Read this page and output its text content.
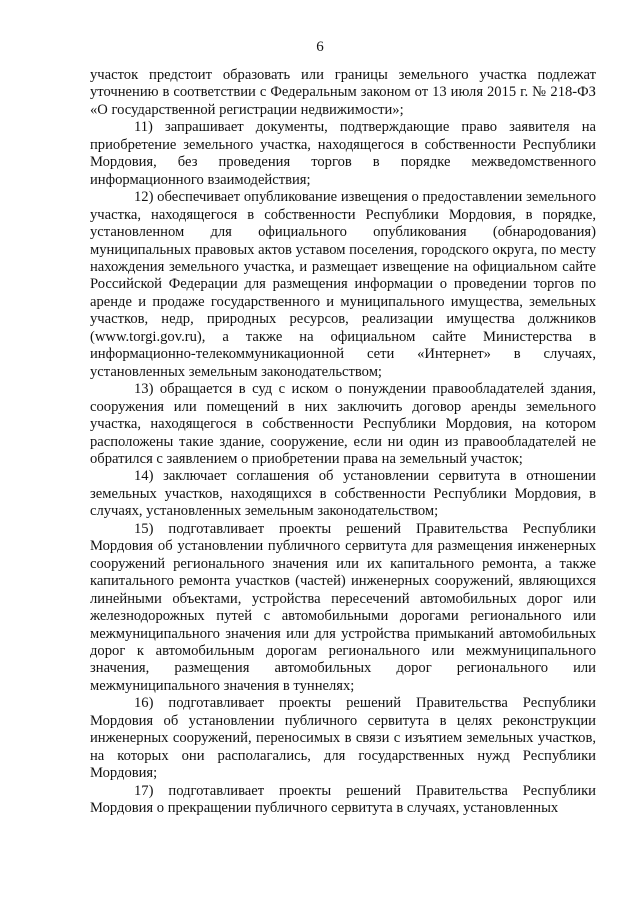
6

участок предстоит образовать или границы земельного участка подлежат уточнению в соответствии с Федеральным законом от 13 июля 2015 г. № 218-ФЗ «О государственной регистрации недвижимости»;

11) запрашивает документы, подтверждающие право заявителя на приобретение земельного участка, находящегося в собственности Республики Мордовия, без проведения торгов в порядке межведомственного информационного взаимодействия;

12) обеспечивает опубликование извещения о предоставлении земельного участка, находящегося в собственности Республики Мордовия, в порядке, установленном для официального опубликования (обнародования) муниципальных правовых актов уставом поселения, городского округа, по месту нахождения земельного участка, и размещает извещение на официальном сайте Российской Федерации для размещения информации о проведении торгов по аренде и продаже государственного и муниципального имущества, земельных участков, недр, природных ресурсов, реализации имущества должников (www.torgi.gov.ru), а также на официальном сайте Министерства в информационно-телекоммуникационной сети «Интернет» в случаях, установленных земельным законодательством;

13) обращается в суд с иском о понуждении правообладателей здания, сооружения или помещений в них заключить договор аренды земельного участка, находящегося в собственности Республики Мордовия, на котором расположены такие здание, сооружение, если ни один из правообладателей не обратился с заявлением о приобретении права на земельный участок;

14) заключает соглашения об установлении сервитута в отношении земельных участков, находящихся в собственности Республики Мордовия, в случаях, установленных земельным законодательством;

15) подготавливает проекты решений Правительства Республики Мордовия об установлении публичного сервитута для размещения инженерных сооружений регионального значения или их капитального ремонта, а также капитального ремонта участков (частей) инженерных сооружений, являющихся линейными объектами, устройства пересечений автомобильных дорог или железнодорожных путей с автомобильными дорогами регионального или межмуниципального значения или для устройства примыканий автомобильных дорог к автомобильным дорогам регионального или межмуниципального значения, размещения автомобильных дорог регионального или межмуниципального значения в туннелях;

16) подготавливает проекты решений Правительства Республики Мордовия об установлении публичного сервитута в целях реконструкции инженерных сооружений, переносимых в связи с изъятием земельных участков, на которых они располагались, для государственных нужд Республики Мордовия;

17) подготавливает проекты решений Правительства Республики Мордовия о прекращении публичного сервитута в случаях, установленных
